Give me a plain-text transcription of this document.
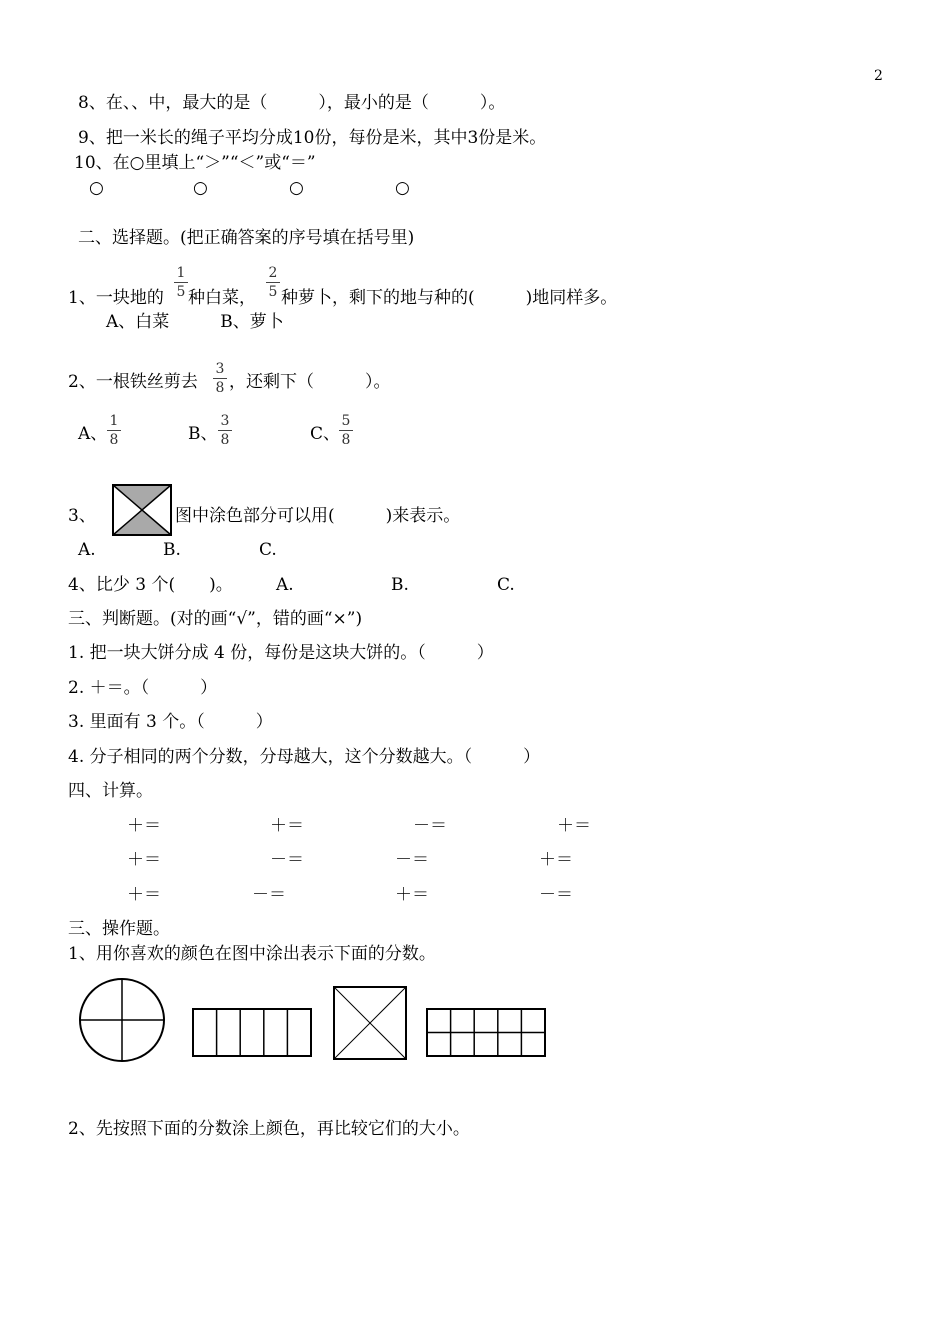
2
8、在、、中，最大的是（　　　），最小的是（　　　）。
9、把一米长的绳子平均分成10份，每份是米，其中3份是米。
10、在○里填上“＞”“＜”或“＝”
○	○	○	○
二、选择题。(把正确答案的序号填在括号里)
1、一块地的
1
5 种白菜，
2
5 种萝卜，剩下的地与种的(　　　)地同样多。
A、白菜　　　B、萝卜
2、一根铁丝剪去
3
8 ，还剩下（　　　）。
A、
1
8	B、
3
8	C、
5
8
3、	图中涂色部分可以用(　　　)来表示。
A.	B.	C.
4、比少 3 个(　　)。	A.	B.	C.
三、判断题。(对的画“√”，错的画“×”)
1. 把一块大饼分成 4 份，每份是这块大饼的。（　　　）
2. ＋＝。（　　　）
3. 里面有 3 个。（　　　）
4. 分子相同的两个分数，分母越大，这个分数越大。（　　　）
四、计算。
＋＝	＋＝	－＝	＋＝
＋＝	－＝	－＝	＋＝
＋＝	－＝	＋＝	－＝
三、操作题。
1、用你喜欢的颜色在图中涂出表示下面的分数。
2、先按照下面的分数涂上颜色，再比较它们的大小。
